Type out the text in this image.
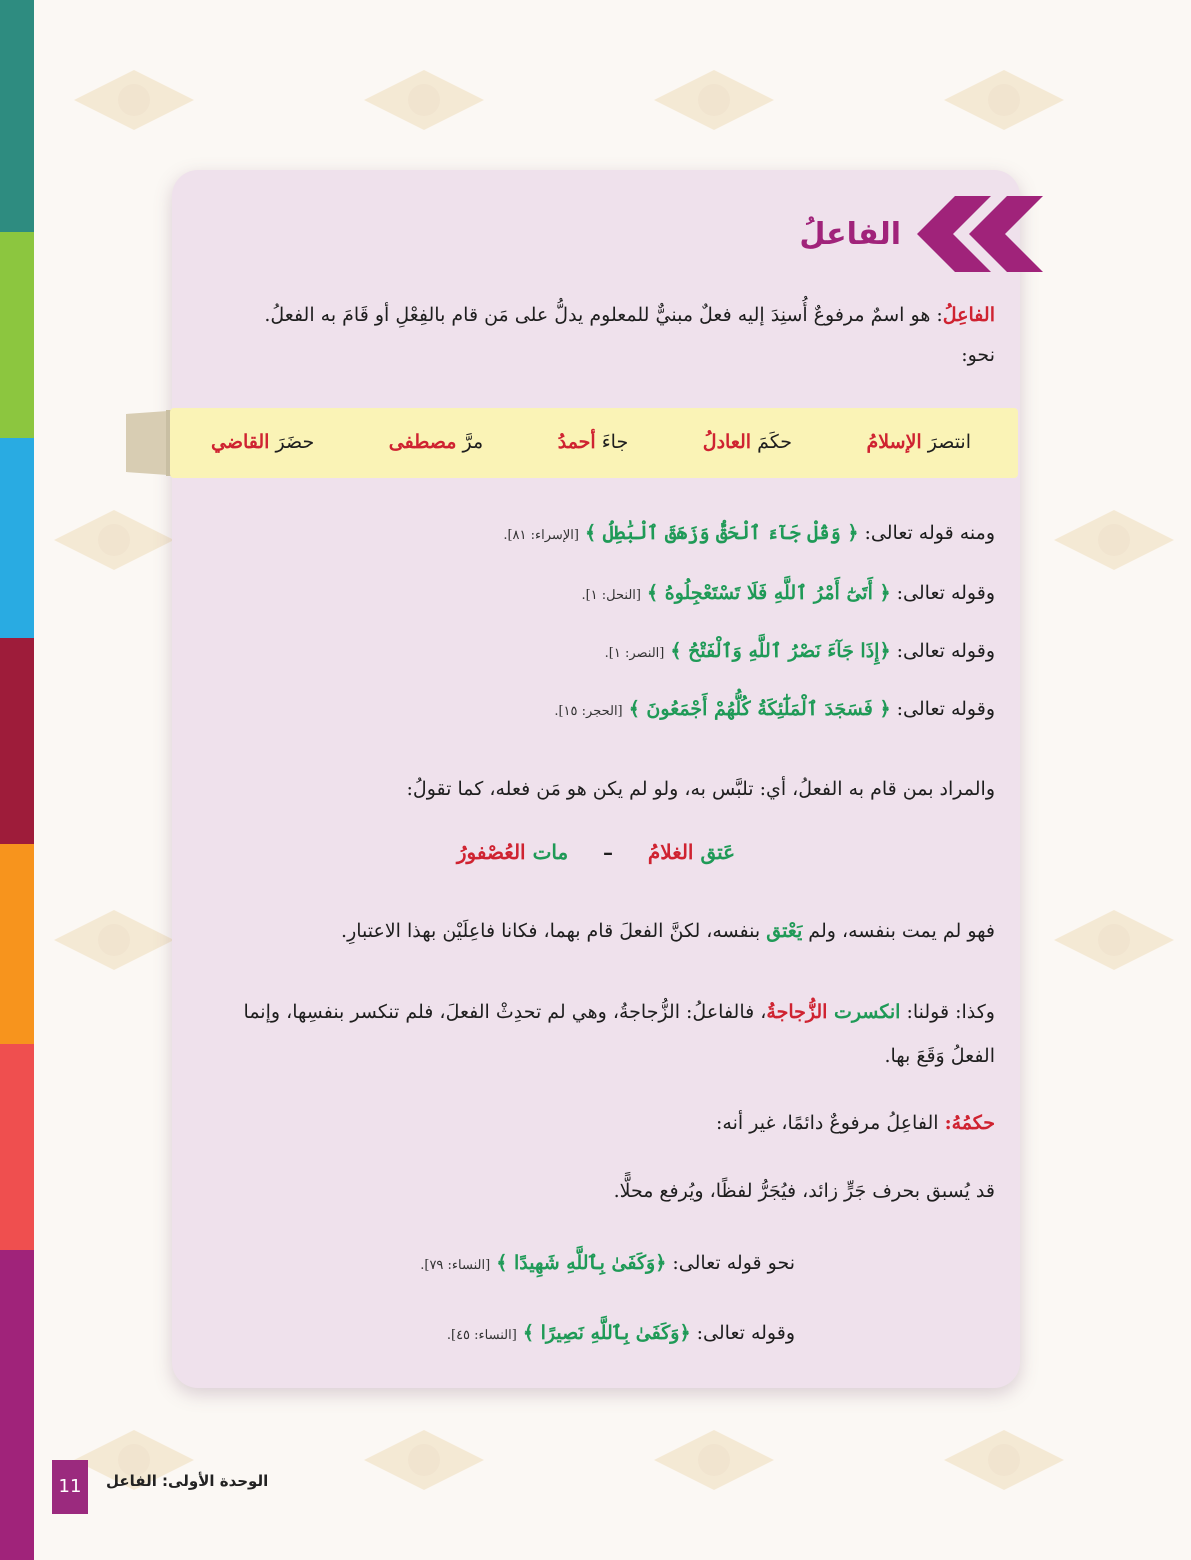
الفاعلُ
الفاعِلُ: هو اسمٌ مرفوعٌ أُسنِدَ إليه فعلٌ مبنيٌّ للمعلوم يدلُّ على مَن قام بالفِعْلِ أو قَامَ به الفعلُ.
نحو:
انتصرَ الإسلامُ
حكَمَ العادلُ
جاءَ أحمدُ
مرَّ مصطفى
حضَرَ القاضي
ومنه قوله تعالى: ﴿ وَقُلْ جَآءَ ٱلْحَقُّ وَزَهَقَ ٱلْبَٰطِلُ ﴾ [الإسراء: ٨١].
وقوله تعالى: ﴿ أَتَىٰٓ أَمْرُ ٱللَّهِ فَلَا تَسْتَعْجِلُوهُ ﴾ [النحل: ١].
وقوله تعالى: ﴿إِذَا جَآءَ نَصْرُ ٱللَّهِ وَٱلْفَتْحُ ﴾ [النصر: ١].
وقوله تعالى: ﴿ فَسَجَدَ ٱلْمَلَٰٓئِكَةُ كُلُّهُمْ أَجْمَعُونَ ﴾ [الحجر: ١٥].
والمراد بمن قام به الفعلُ، أي: تلبَّس به، ولو لم يكن هو مَن فعله، كما تقولُ:
عَتق الغلامُ     –     مات العُصْفورُ
فهو لم يمت بنفسه، ولم يَعْتق بنفسه، لكنَّ الفعلَ قام بهما، فكانا فاعِلَيْن بهذا الاعتبارِ.
وكذا: قولنا: انكسرت الزُّجاجةُ، فالفاعلُ: الزُّجاجةُ، وهي لم تحدِثْ الفعلَ، فلم تنكسر بنفسِها، وإنما الفعلُ وَقَعَ بها.
حكمُهُ: الفاعِلُ مرفوعٌ دائمًا، غير أنه:
قد يُسبق بحرف جَرٍّ زائد، فيُجَرُّ لفظًا، ويُرفع محلًّا.
نحو قوله تعالى: ﴿وَكَفَىٰ بِٱللَّهِ شَهِيدًا ﴾ [النساء: ٧٩].
وقوله تعالى: ﴿وَكَفَىٰ بِٱللَّهِ نَصِيرًا ﴾ [النساء: ٤٥].
11	الوحدة الأولى: الفاعل
